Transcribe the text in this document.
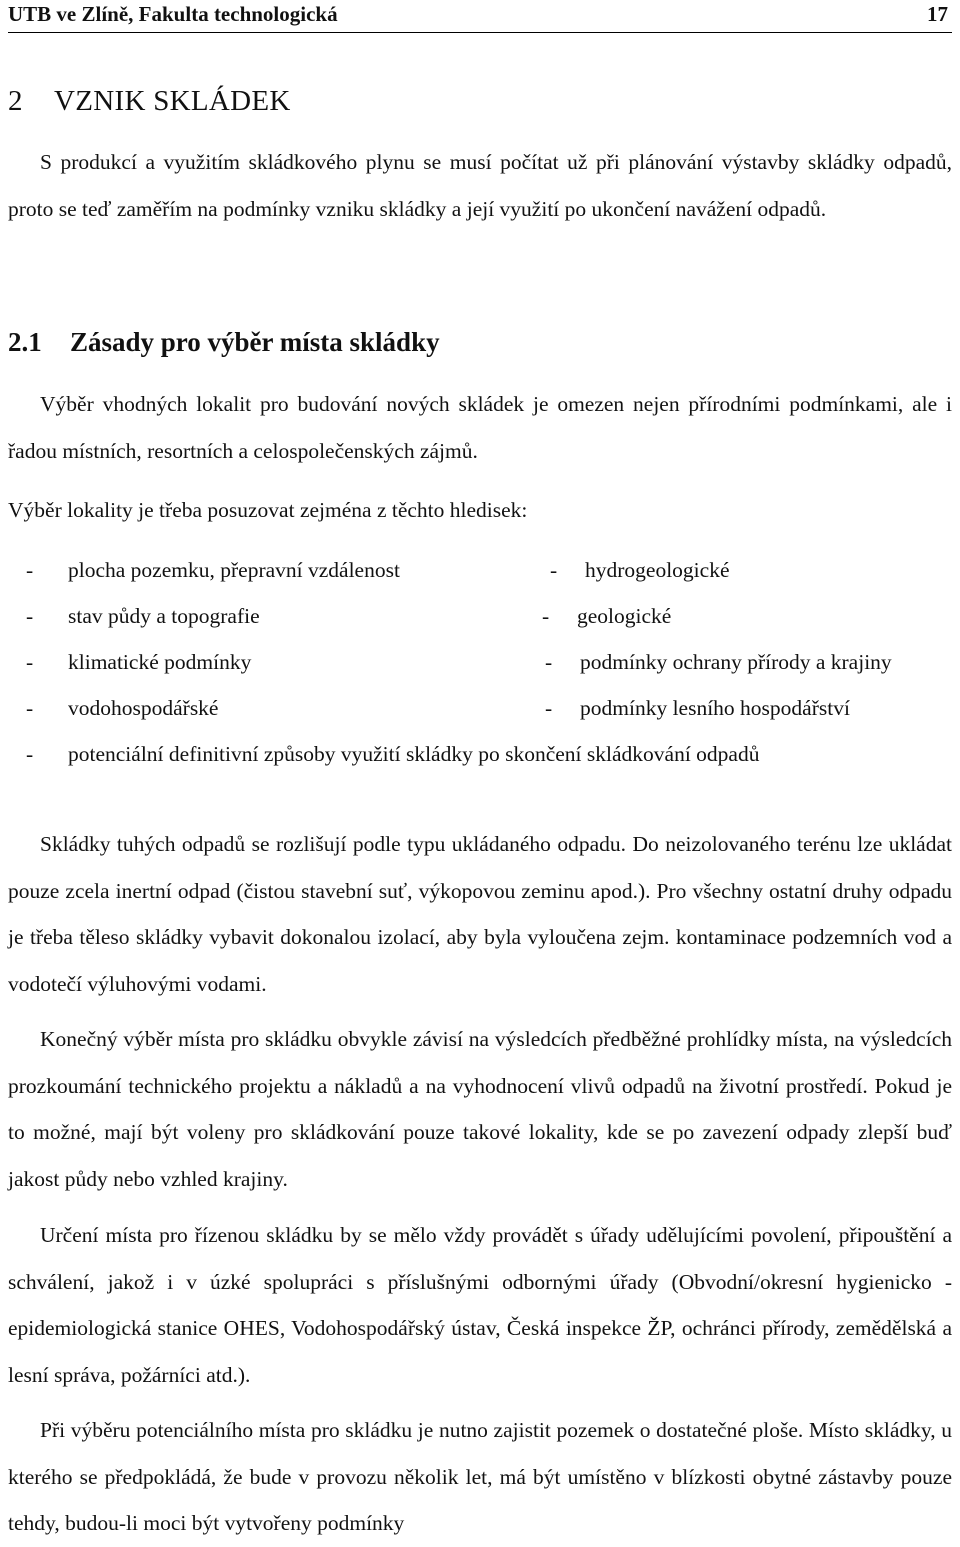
UTB ve Zlíně, Fakulta technologická	17
2 VZNIK SKLÁDEK

S produkcí a využitím skládkového plynu se musí počítat už při plánování výstavby skládky odpadů, proto se teď zaměřím na podmínky vzniku skládky a její využití po ukončení navážení odpadů.

2.1 Zásady pro výběr místa skládky

Výběr vhodných lokalit pro budování nových skládek je omezen nejen přírodními podmínkami, ale i řadou místních, resortních a celospolečenských zájmů.

Výběr lokality je třeba posuzovat zejména z těchto hledisek:

- plocha pozemku, přepravní vzdálenost	- hydrogeologické
- stav půdy a topografie	- geologické
- klimatické podmínky	- podmínky ochrany přírody a krajiny
- vodohospodářské	- podmínky lesního hospodářství
- potenciální definitivní způsoby využití skládky po skončení skládkování odpadů

Skládky tuhých odpadů se rozlišují podle typu ukládaného odpadu. Do neizolovaného terénu lze ukládat pouze zcela inertní odpad (čistou stavební suť, výkopovou zeminu apod.). Pro všechny ostatní druhy odpadu je třeba těleso skládky vybavit dokonalou izolací, aby byla vyloučena zejm. kontaminace podzemních vod a vodotečí výluhovými vodami.

Konečný výběr místa pro skládku obvykle závisí na výsledcích předběžné prohlídky místa, na výsledcích prozkoumání technického projektu a nákladů a na vyhodnocení vlivů odpadů na životní prostředí. Pokud je to možné, mají být voleny pro skládkování pouze takové lokality, kde se po zavezení odpady zlepší buď jakost půdy nebo vzhled krajiny.

Určení místa pro řízenou skládku by se mělo vždy provádět s úřady udělujícími povolení, připouštění a schválení, jakož i v úzké spolupráci s příslušnými odbornými úřady (Obvodní/okresní hygienicko - epidemiologická stanice OHES, Vodohospodářský ústav, Česká inspekce ŽP, ochránci přírody, zemědělská a lesní správa, požárníci atd.).

Při výběru potenciálního místa pro skládku je nutno zajistit pozemek o dostatečné ploše. Místo skládky, u kterého se předpokládá, že bude v provozu několik let, má být umístěno v blízkosti obytné zástavby pouze tehdy, budou-li moci být vytvořeny podmínky
